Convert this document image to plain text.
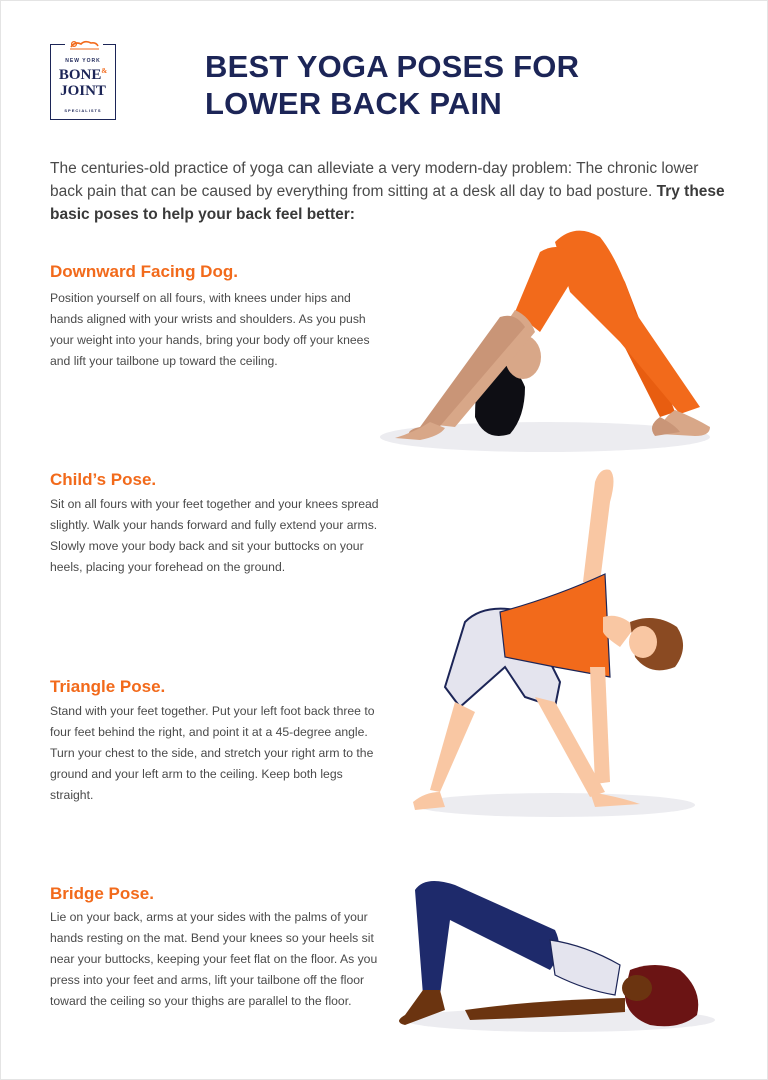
NEW YORK
BONE&
JOINT
SPECIALISTS
BEST YOGA POSES FOR
LOWER BACK PAIN

The centuries-old practice of yoga can alleviate a very modern-day problem: The chronic lower back pain that can be caused by everything from sitting at a desk all day to bad posture. Try these basic poses to help your back feel better:

Downward Facing Dog.

Position yourself on all fours, with knees under hips and hands aligned with your wrists and shoulders. As you push your weight into your hands, bring your body off your knees and lift your tailbone up toward the ceiling.

Child’s Pose.

Sit on all fours with your feet together and your knees spread slightly. Walk your hands forward and fully extend your arms. Slowly move your body back and sit your buttocks on your heels, placing your forehead on the ground.

Triangle Pose.

Stand with your feet together. Put your left foot back three to four feet behind the right, and point it at a 45-degree angle. Turn your chest to the side, and stretch your right arm to the ground and your left arm to the ceiling. Keep both legs straight.

Bridge Pose.

Lie on your back, arms at your sides with the palms of your hands resting on the mat. Bend your knees so your heels sit near your buttocks, keeping your feet flat on the floor. As you press into your feet and arms, lift your tailbone off the floor toward the ceiling so your thighs are parallel to the floor.
